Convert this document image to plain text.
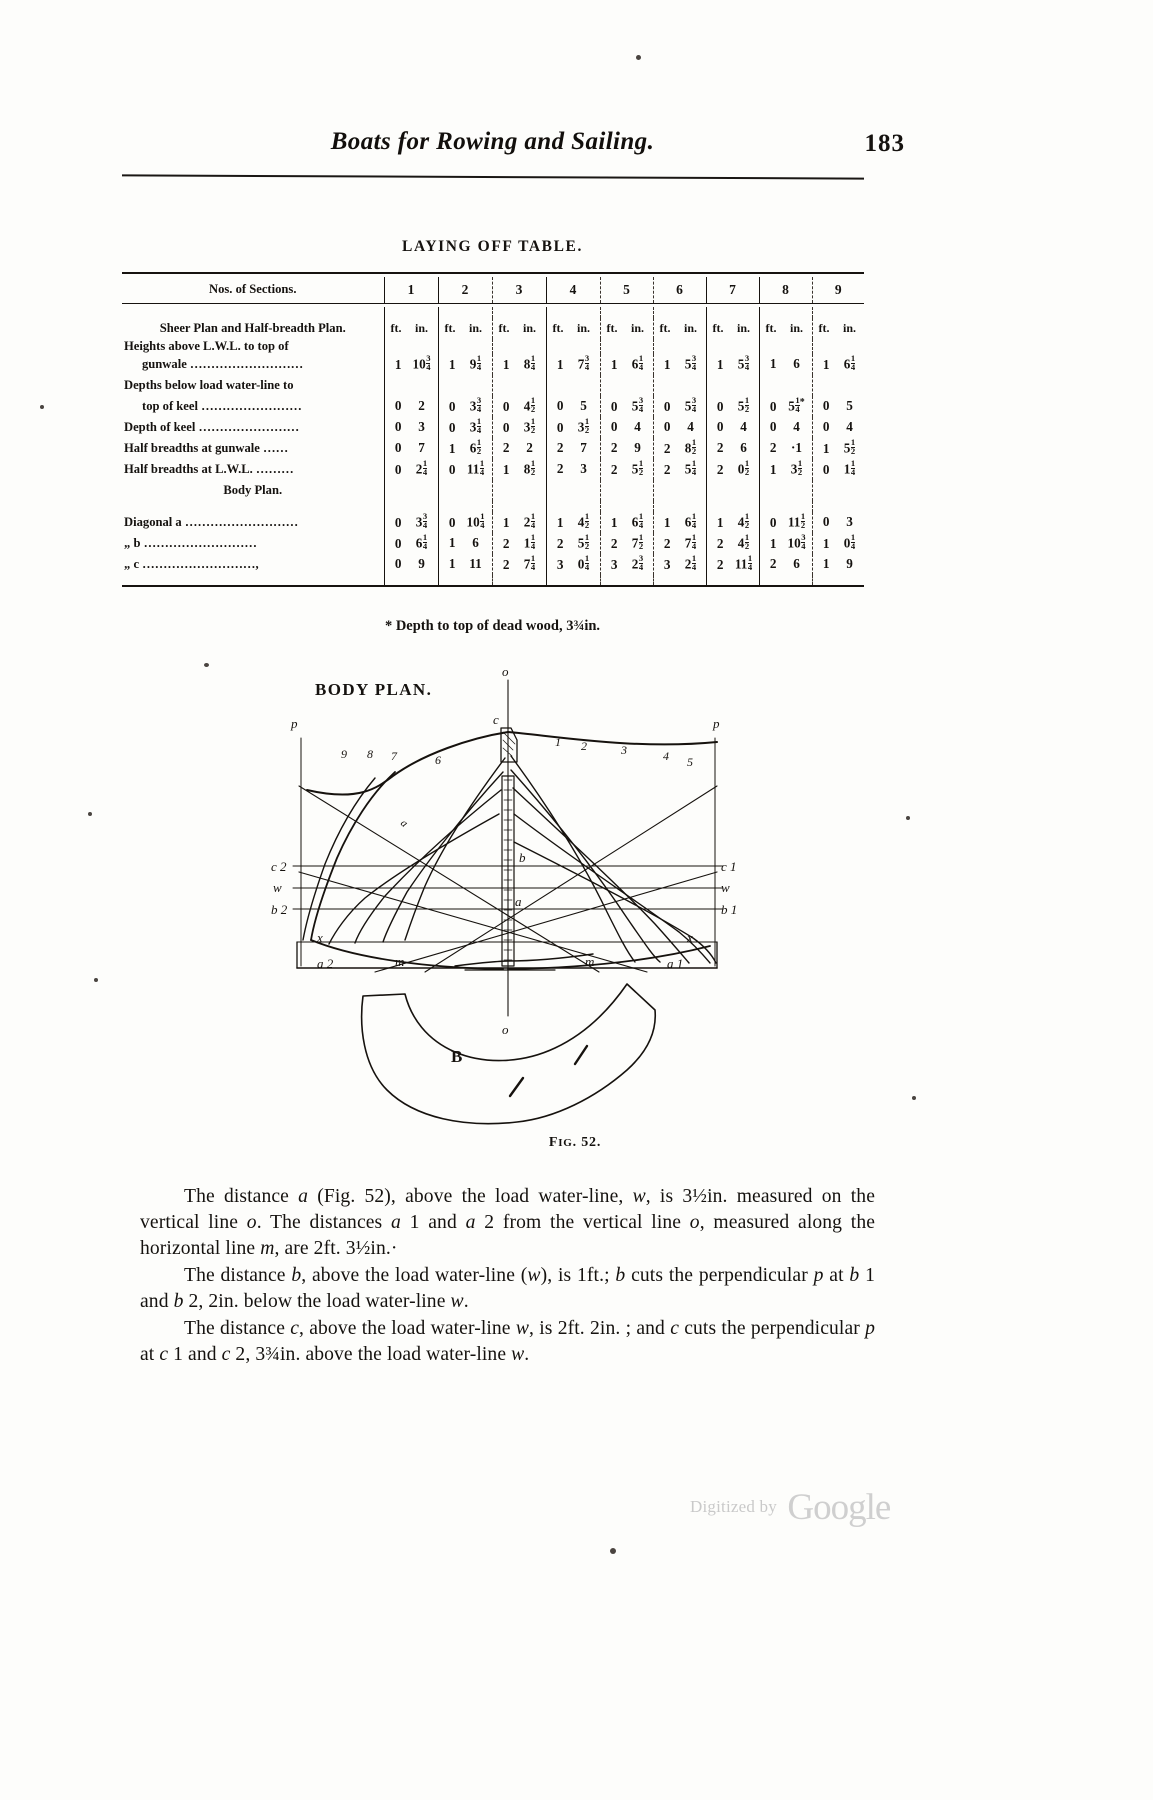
Boats for Rowing and Sailing.	183
LAYING OFF TABLE.

Nos. of Sections.	1	2	3	4	5	6	7	8	9

Sheer Plan and Half-breadth Plan.	ft. in.	ft. in.	ft. in.	ft. in.	ft. in.	ft. in.	ft. in.	ft. in.	ft. in.
Heights above L.W.L. to top of									
gunwale ………………………	1 $10 \frac{3}{4}$	1 $9 \frac{1}{4}$	1 $8 \frac{1}{4}$	1 $7 \frac{3}{4}$	1 $6 \frac{1}{4}$	1 $5 \frac{3}{4}$	1 $5 \frac{3}{4}$	1 6	1 $6 \frac{1}{4}$

Depths below load water-line to									
top of keel ……………………	0 2	0 $3 \frac{3}{4}$	0 $4 \frac{1}{2}$	0 5	0 $5 \frac{3}{4}$	0 $5 \frac{3}{4}$	0 $5 \frac{1}{2}$	0 $5 \frac{1}{4} ^*$	0 5
Depth of keel ……………………	0 3	0 $3 \frac{1}{4}$	0 $3 \frac{1}{2}$	0 $3 \frac{1}{2}$	0 4	0 4	0 4	0 4	0 4
Half breadths at gunwale ……	0 7	1 $6 \frac{1}{2}$	2 2	2 7	2 9	2 $8 \frac{1}{2}$	2 6	2 ·1	1 $5 \frac{1}{2}$

Half breadths at L.W.L. ………	0 $2 \frac{1}{4}$	0 $11 \frac{1}{4}$	1 $8 \frac{1}{2}$	2 3	2 $5 \frac{1}{2}$	2 $5 \frac{1}{4}$	2 $0 \frac{1}{2}$	1 $3 \frac{1}{2}$	0 $1 \frac{1}{4}$

Body Plan.									

Diagonal a ………………………	0 $3 \frac{3}{4}$	0 $10 \frac{1}{4}$	1 $2 \frac{1}{4}$	1 $4 \frac{1}{2}$	1 $6 \frac{1}{4}$	1 $6 \frac{1}{4}$	1 $4 \frac{1}{2}$	0 $11 \frac{1}{2}$	0 3
„ b ………………………	0 $6 \frac{1}{4}$	1 6	2 $1 \frac{1}{4}$	2 $5 \frac{1}{2}$	2 $7 \frac{1}{2}$	2 $7 \frac{1}{4}$	2 $4 \frac{1}{2}$	1 $10 \frac{3}{4}$	1 $0 \frac{1}{4}$

„ c ………………………,	0 9	1 11	2 $7 \frac{1}{4}$	3 $0 \frac{1}{4}$	3 $2 \frac{3}{4}$	3 $2 \frac{1}{4}$	2 $11 \frac{1}{4}$	2 6	1 9

* Depth to top of dead wood, 3¾in.
BODY PLAN.
o
o
c
b
a
p	p
c 2	c 1
w	w
b 2	b 1
x	x
a 2	a 1
m	m
a
1 2	3	4 5
6
7
8
9
B
FIG. 52.

The distance a (Fig. 52), above the load water-line, w, is 3½in. measured on the vertical line o. The distances a 1 and a 2 from the vertical line o, measured along the horizontal line m, are 2ft. 3½in.·

The distance b, above the load water-line (w), is 1ft.; b cuts the perpendicular p at b 1 and b 2, 2in. below the load water-line w.

The distance c, above the load water-line w, is 2ft. 2in. ; and c cuts the perpendicular p at c 1 and c 2, 3¾in. above the load water-line w.

Digitized by Google
